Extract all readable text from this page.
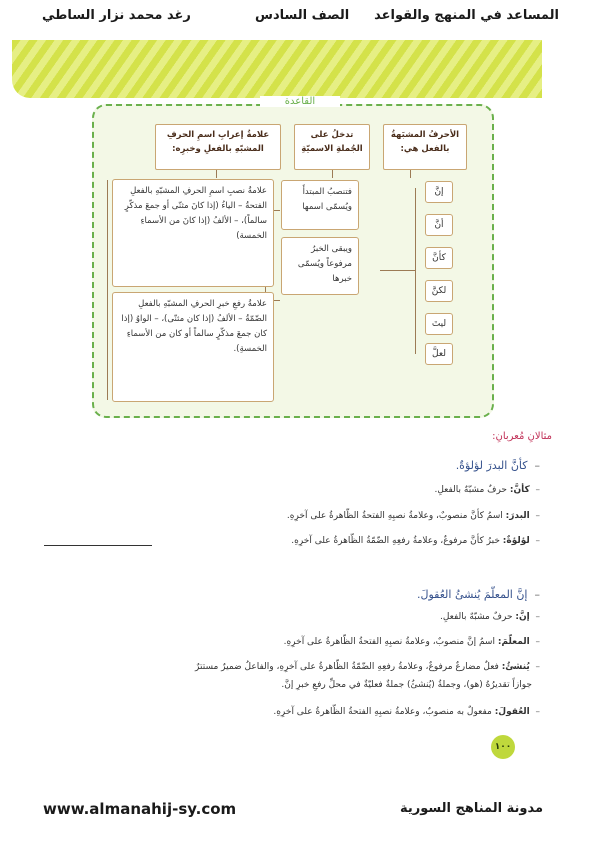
المساعد في المنهج والقواعد
الصف السادس
رغد محمد نزار الساطي
القاعدة
الأحرفُ المشبَهةُ بالفعل هي:
تدخلُ على الجُملةِ الاسميّةِ
علامةُ إعرابِ اسمِ الحرفِ المشبّهِ بالفعلِ وخبرِه:
إنَّ
أنَّ
كأنَّ
لكنَّ
ليتَ
لعلَّ
فتنصبُ المبتدأَ ويُسمّى اسمها
ويبقى الخبرُ مرفوعاً ويُسمّى خبرها
علامةُ نصبِ اسمِ الحرفِ المشبّهِ بالفعلِ الفتحةُ – الياءُ (إذا كانَ مثنّى أو جمعَ مذكّرٍ سالماً)، – الألفُ (إذا كانَ من الأسماءِ الخمسة)
علامةُ رفعِ خبرِ الحرفِ المشبّهِ بالفعلِ الضّمّةُ – الألفُ (إذا كان مثنّى)، – الواوُ (إذا كان جمعَ مذكّرٍ سالماً أو كان من الأسماءِ الخمسةِ).
مثالانِ مُعربانِ:
–  كأنَّ البدرَ لؤلؤةٌ.
–  كأنَّ: حرفٌ مشبّهٌ بالفعلِ.
–  البدرَ: اسمُ كأنَّ منصوبٌ، وعلامةُ نصبِهِ الفتحةُ الظّاهرةُ على آخرِهِ.
–  لؤلؤةٌ: خبرُ كأنَّ مرفوعٌ، وعلامةُ رفعِهِ الضّمّةُ الظّاهرةُ على آخرِهِ.
–  إنَّ المعلّمَ يُنشئُ العُقولَ.
–  إنَّ: حرفٌ مشبّهٌ بالفعلِ.
–  المعلّمَ: اسمُ إنَّ منصوبٌ، وعلامةُ نصبِهِ الفتحةُ الظّاهرةُ على آخرِهِ.
–  يُنشئُ: فعلٌ مضارعٌ مرفوعٌ، وعلامةُ رفعِهِ الضّمّةُ الظّاهرةُ على آخرِهِ، والفاعلُ ضميرٌ مستترٌ
جوازاً تقديرُهُ (هو)، وجملةُ (يُنشئُ) جملةٌ فعليّةٌ في محلِّ رفعِ خبرِ إنَّ.
–  العُقولَ: مفعولٌ به منصوبٌ، وعلامةُ نصبِهِ الفتحةُ الظّاهرةُ على آخرِهِ.
١٠٠
مدونة المناهج السورية
www.almanahij-sy.com
